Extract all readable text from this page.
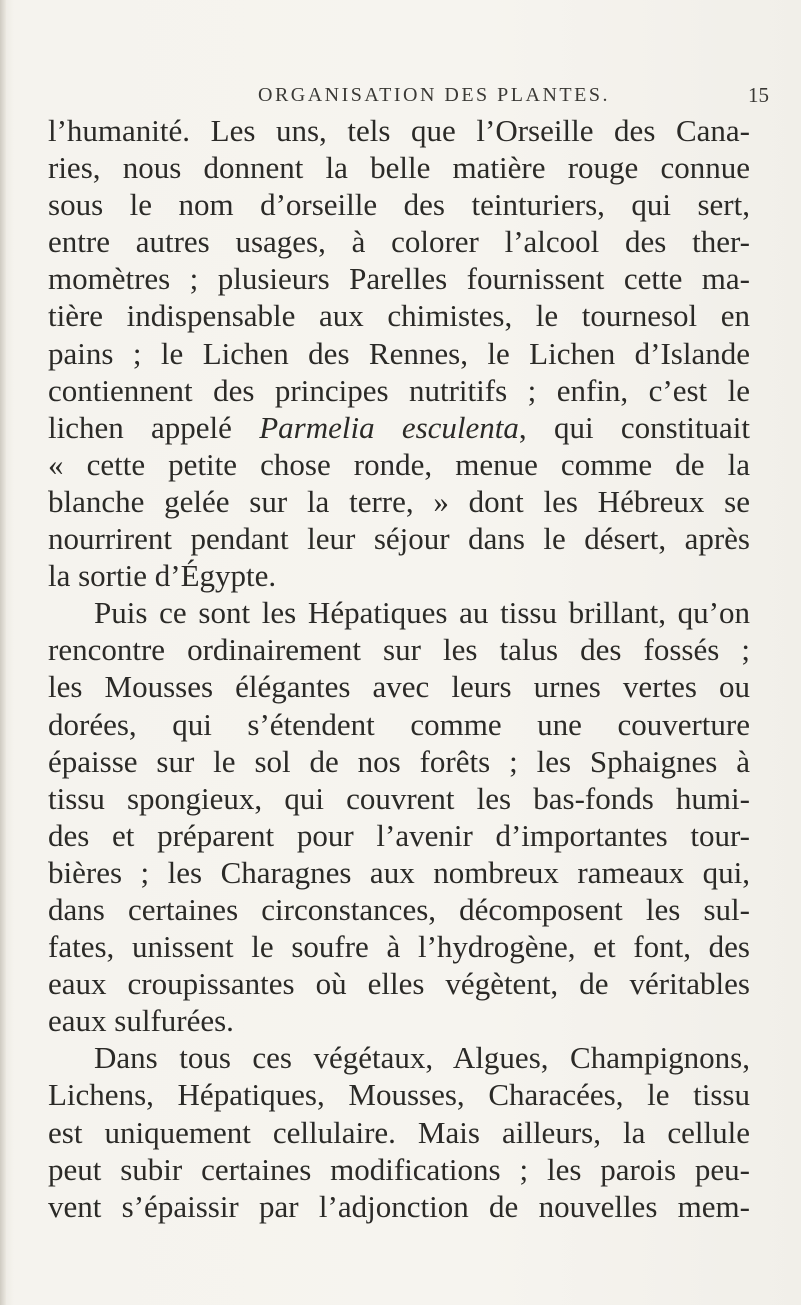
ORGANISATION DES PLANTES.	15
l’humanité. Les uns, tels que l’Orseille des Cana-
ries, nous donnent la belle matière rouge connue
sous le nom d’orseille des teinturiers, qui sert,
entre autres usages, à colorer l’alcool des ther-
momètres ; plusieurs Parelles fournissent cette ma-
tière indispensable aux chimistes, le tournesol en
pains ; le Lichen des Rennes, le Lichen d’Islande
contiennent des principes nutritifs ; enfin, c’est le
lichen appelé Parmelia esculenta, qui constituait
« cette petite chose ronde, menue comme de la
blanche gelée sur la terre, » dont les Hébreux se
nourrirent pendant leur séjour dans le désert, après
la sortie d’Égypte.
Puis ce sont les Hépatiques au tissu brillant, qu’on
rencontre ordinairement sur les talus des fossés ;
les Mousses élégantes avec leurs urnes vertes ou
dorées, qui s’étendent comme une couverture
épaisse sur le sol de nos forêts ; les Sphaignes à
tissu spongieux, qui couvrent les bas-fonds humi-
des et préparent pour l’avenir d’importantes tour-
bières ; les Charagnes aux nombreux rameaux qui,
dans certaines circonstances, décomposent les sul-
fates, unissent le soufre à l’hydrogène, et font, des
eaux croupissantes où elles végètent, de véritables
eaux sulfurées.
Dans tous ces végétaux, Algues, Champignons,
Lichens, Hépatiques, Mousses, Characées, le tissu
est uniquement cellulaire. Mais ailleurs, la cellule
peut subir certaines modifications ; les parois peu-
vent s’épaissir par l’adjonction de nouvelles mem-
